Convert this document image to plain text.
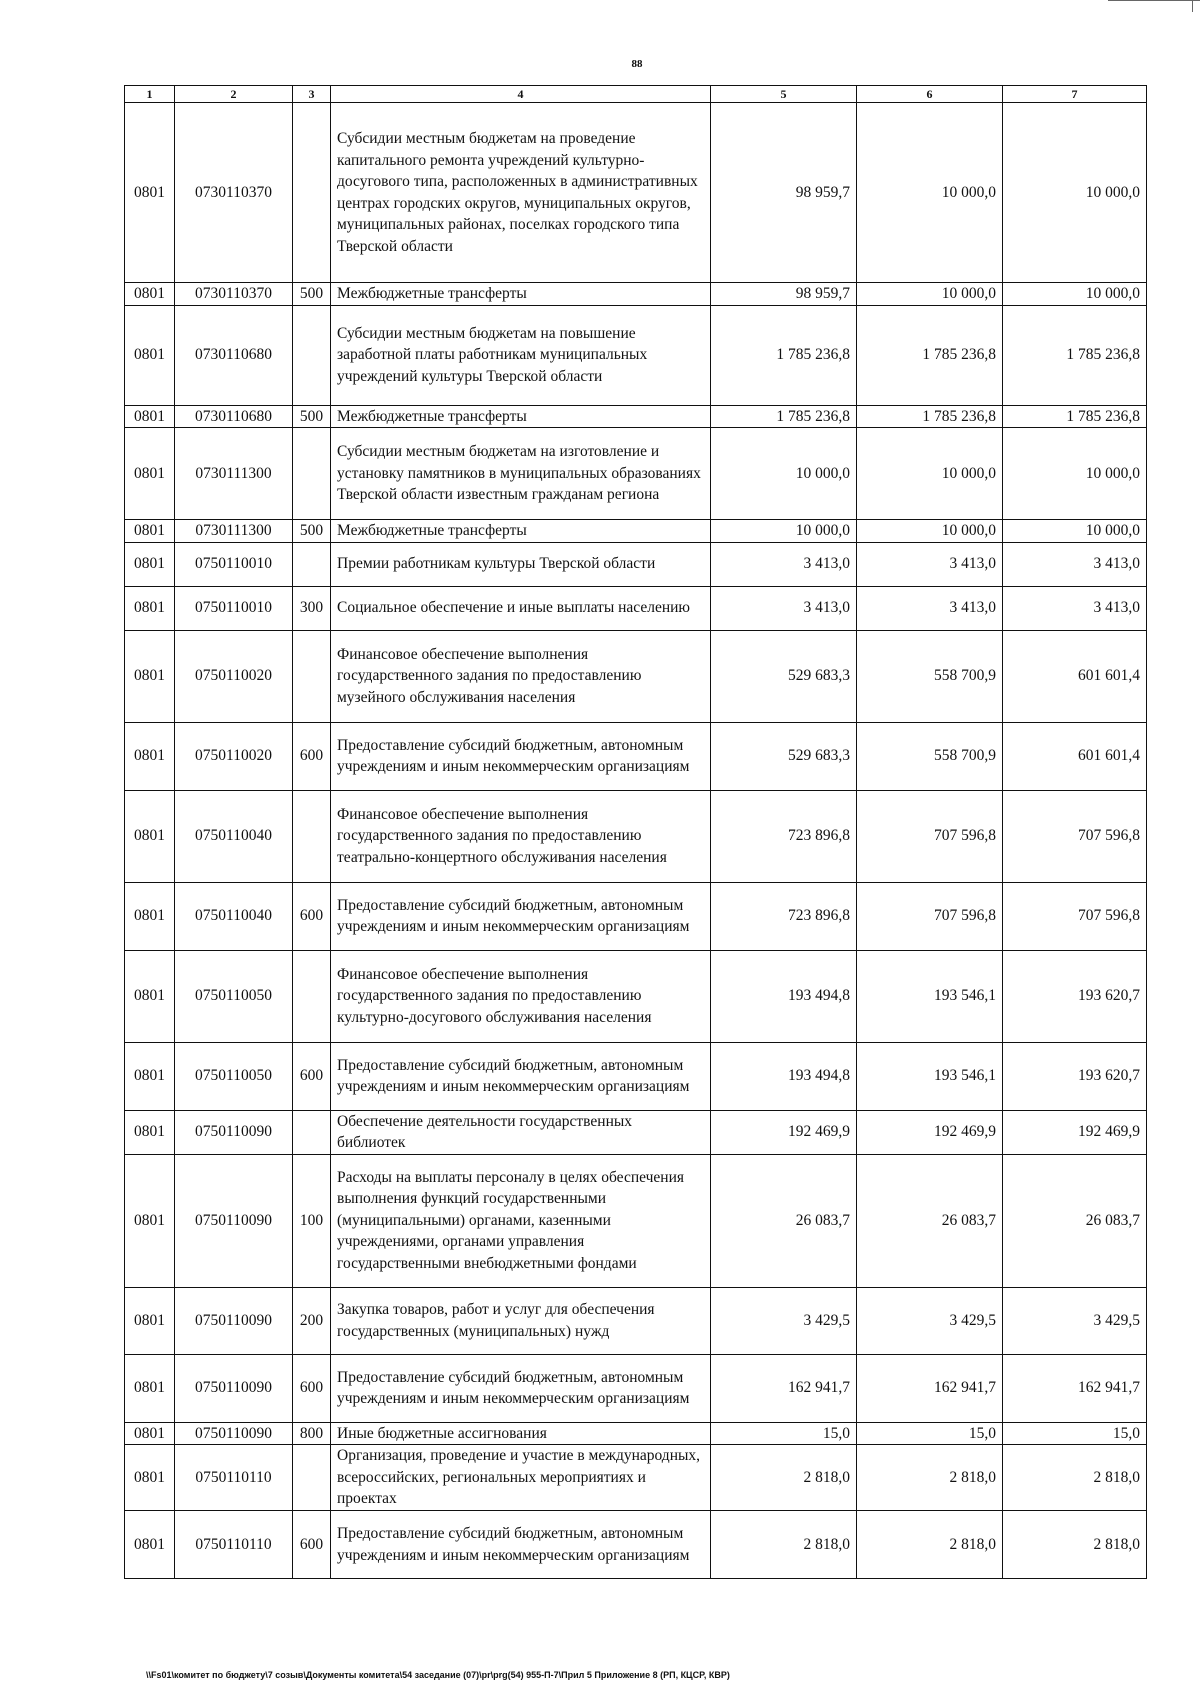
88
1	2	3	4	5	6	7
0801	0730110370		Субсидии местным бюджетам на проведение капитального ремонта учреждений культурно-досугового типа, расположенных в административных центрах городских округов, муниципальных округов, муниципальных районах, поселках городского типа Тверской области	98 959,7	10 000,0	10 000,0
0801	0730110370	500	Межбюджетные трансферты	98 959,7	10 000,0	10 000,0
0801	0730110680		Субсидии местным бюджетам на повышение заработной платы работникам муниципальных учреждений культуры Тверской области	1 785 236,8	1 785 236,8	1 785 236,8
0801	0730110680	500	Межбюджетные трансферты	1 785 236,8	1 785 236,8	1 785 236,8
0801	0730111300		Субсидии местным бюджетам на изготовление и установку памятников в муниципальных образованиях Тверской области известным гражданам региона	10 000,0	10 000,0	10 000,0
0801	0730111300	500	Межбюджетные трансферты	10 000,0	10 000,0	10 000,0
0801	0750110010		Премии работникам культуры Тверской области	3 413,0	3 413,0	3 413,0
0801	0750110010	300	Социальное обеспечение и иные выплаты населению	3 413,0	3 413,0	3 413,0
0801	0750110020		Финансовое обеспечение выполнения государственного задания по предоставлению музейного обслуживания населения	529 683,3	558 700,9	601 601,4
0801	0750110020	600	Предоставление субсидий бюджетным, автономным учреждениям и иным некоммерческим организациям	529 683,3	558 700,9	601 601,4
0801	0750110040		Финансовое обеспечение выполнения государственного задания по предоставлению театрально-концертного обслуживания населения	723 896,8	707 596,8	707 596,8
0801	0750110040	600	Предоставление субсидий бюджетным, автономным учреждениям и иным некоммерческим организациям	723 896,8	707 596,8	707 596,8
0801	0750110050		Финансовое обеспечение выполнения государственного задания по предоставлению культурно-досугового обслуживания населения	193 494,8	193 546,1	193 620,7
0801	0750110050	600	Предоставление субсидий бюджетным, автономным учреждениям и иным некоммерческим организациям	193 494,8	193 546,1	193 620,7
0801	0750110090		Обеспечение деятельности государственных библиотек	192 469,9	192 469,9	192 469,9
0801	0750110090	100	Расходы на выплаты персоналу в целях обеспечения выполнения функций государственными (муниципальными) органами, казенными учреждениями, органами управления государственными внебюджетными фондами	26 083,7	26 083,7	26 083,7
0801	0750110090	200	Закупка товаров, работ и услуг для обеспечения государственных (муниципальных) нужд	3 429,5	3 429,5	3 429,5
0801	0750110090	600	Предоставление субсидий бюджетным, автономным учреждениям и иным некоммерческим организациям	162 941,7	162 941,7	162 941,7
0801	0750110090	800	Иные бюджетные ассигнования	15,0	15,0	15,0
0801	0750110110		Организация, проведение и участие в международных, всероссийских, региональных мероприятиях и проектах	2 818,0	2 818,0	2 818,0
0801	0750110110	600	Предоставление субсидий бюджетным, автономным учреждениям и иным некоммерческим организациям	2 818,0	2 818,0	2 818,0
\\Fs01\комитет по бюджету\7 созыв\Документы комитета\54 заседание (07)\pr\prg(54) 955-П-7\Прил 5 Приложение 8 (РП, КЦСР, КВР)
